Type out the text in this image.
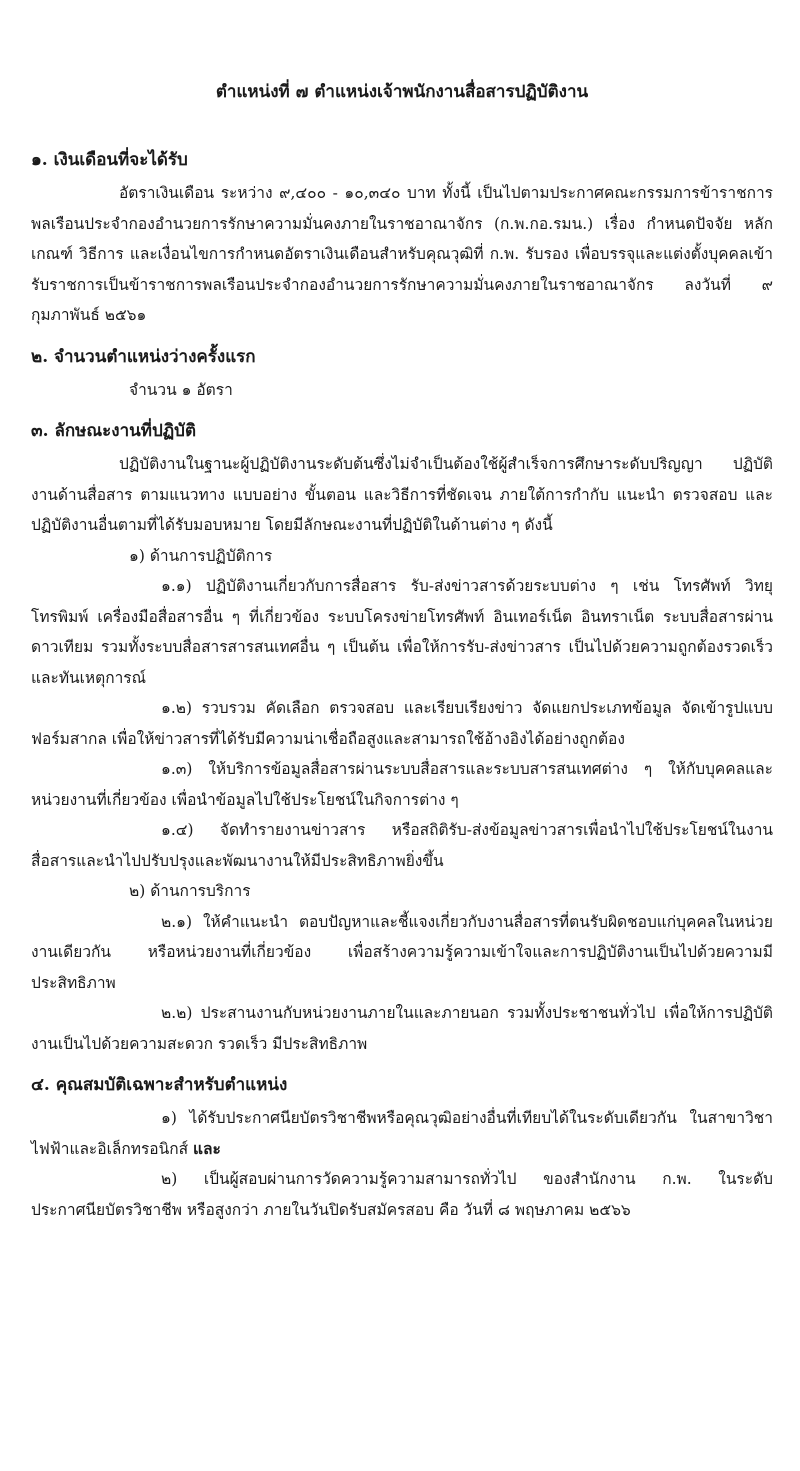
ตำแหน่งที่ ๗ ตำแหน่งเจ้าพนักงานสื่อสารปฏิบัติงาน
๑. เงินเดือนที่จะได้รับ

อัตราเงินเดือน ระหว่าง ๙,๔๐๐ - ๑๐,๓๔๐ บาท ทั้งนี้ เป็นไปตามประกาศคณะกรรมการข้าราชการพลเรือนประจำกองอำนวยการรักษาความมั่นคงภายในราชอาณาจักร (ก.พ.กอ.รมน.) เรื่อง กำหนดปัจจัย หลักเกณฑ์ วิธีการ และเงื่อนไขการกำหนดอัตราเงินเดือนสำหรับคุณวุฒิที่ ก.พ. รับรอง เพื่อบรรจุและแต่งตั้งบุคคลเข้ารับราชการเป็นข้าราชการพลเรือนประจำกองอำนวยการรักษาความมั่นคงภายในราชอาณาจักร ลงวันที่ ๙ กุมภาพันธ์ ๒๕๖๑

๒. จำนวนตำแหน่งว่างครั้งแรก

จำนวน ๑ อัตรา

๓. ลักษณะงานที่ปฏิบัติ

ปฏิบัติงานในฐานะผู้ปฏิบัติงานระดับต้นซึ่งไม่จำเป็นต้องใช้ผู้สำเร็จการศึกษาระดับปริญญา ปฏิบัติงานด้านสื่อสาร ตามแนวทาง แบบอย่าง ขั้นตอน และวิธีการที่ชัดเจน ภายใต้การกำกับ แนะนำ ตรวจสอบ และปฏิบัติงานอื่นตามที่ได้รับมอบหมาย โดยมีลักษณะงานที่ปฏิบัติในด้านต่าง ๆ ดังนี้

๑) ด้านการปฏิบัติการ

๑.๑) ปฏิบัติงานเกี่ยวกับการสื่อสาร รับ-ส่งข่าวสารด้วยระบบต่าง ๆ เช่น โทรศัพท์ วิทยุ โทรพิมพ์ เครื่องมือสื่อสารอื่น ๆ ที่เกี่ยวข้อง ระบบโครงข่ายโทรศัพท์ อินเทอร์เน็ต อินทราเน็ต ระบบสื่อสารผ่านดาวเทียม รวมทั้งระบบสื่อสารสารสนเทศอื่น ๆ เป็นต้น เพื่อให้การรับ-ส่งข่าวสาร เป็นไปด้วยความถูกต้องรวดเร็ว และทันเหตุการณ์

๑.๒) รวบรวม คัดเลือก ตรวจสอบ และเรียบเรียงข่าว จัดแยกประเภทข้อมูล จัดเข้ารูปแบบฟอร์มสากล เพื่อให้ข่าวสารที่ได้รับมีความน่าเชื่อถือสูงและสามารถใช้อ้างอิงได้อย่างถูกต้อง

๑.๓) ให้บริการข้อมูลสื่อสารผ่านระบบสื่อสารและระบบสารสนเทศต่าง ๆ ให้กับบุคคลและ หน่วยงานที่เกี่ยวข้อง เพื่อนำข้อมูลไปใช้ประโยชน์ในกิจการต่าง ๆ

๑.๔) จัดทำรายงานข่าวสาร หรือสถิติรับ-ส่งข้อมูลข่าวสารเพื่อนำไปใช้ประโยชน์ในงานสื่อสารและนำไปปรับปรุงและพัฒนางานให้มีประสิทธิภาพยิ่งขึ้น

๒) ด้านการบริการ

๒.๑) ให้คำแนะนำ ตอบปัญหาและชี้แจงเกี่ยวกับงานสื่อสารที่ตนรับผิดชอบแก่บุคคลในหน่วยงานเดียวกัน หรือหน่วยงานที่เกี่ยวข้อง เพื่อสร้างความรู้ความเข้าใจและการปฏิบัติงานเป็นไปด้วยความมีประสิทธิภาพ

๒.๒) ประสานงานกับหน่วยงานภายในและภายนอก รวมทั้งประชาชนทั่วไป เพื่อให้การปฏิบัติงานเป็นไปด้วยความสะดวก รวดเร็ว มีประสิทธิภาพ

๔. คุณสมบัติเฉพาะสำหรับตำแหน่ง

๑) ได้รับประกาศนียบัตรวิชาชีพหรือคุณวุฒิอย่างอื่นที่เทียบได้ในระดับเดียวกัน ในสาขาวิชาไฟฟ้าและอิเล็กทรอนิกส์ และ

๒) เป็นผู้สอบผ่านการวัดความรู้ความสามารถทั่วไป ของสำนักงาน ก.พ. ในระดับประกาศนียบัตรวิชาชีพ หรือสูงกว่า ภายในวันปิดรับสมัครสอบ คือ วันที่ ๘ พฤษภาคม ๒๕๖๖
